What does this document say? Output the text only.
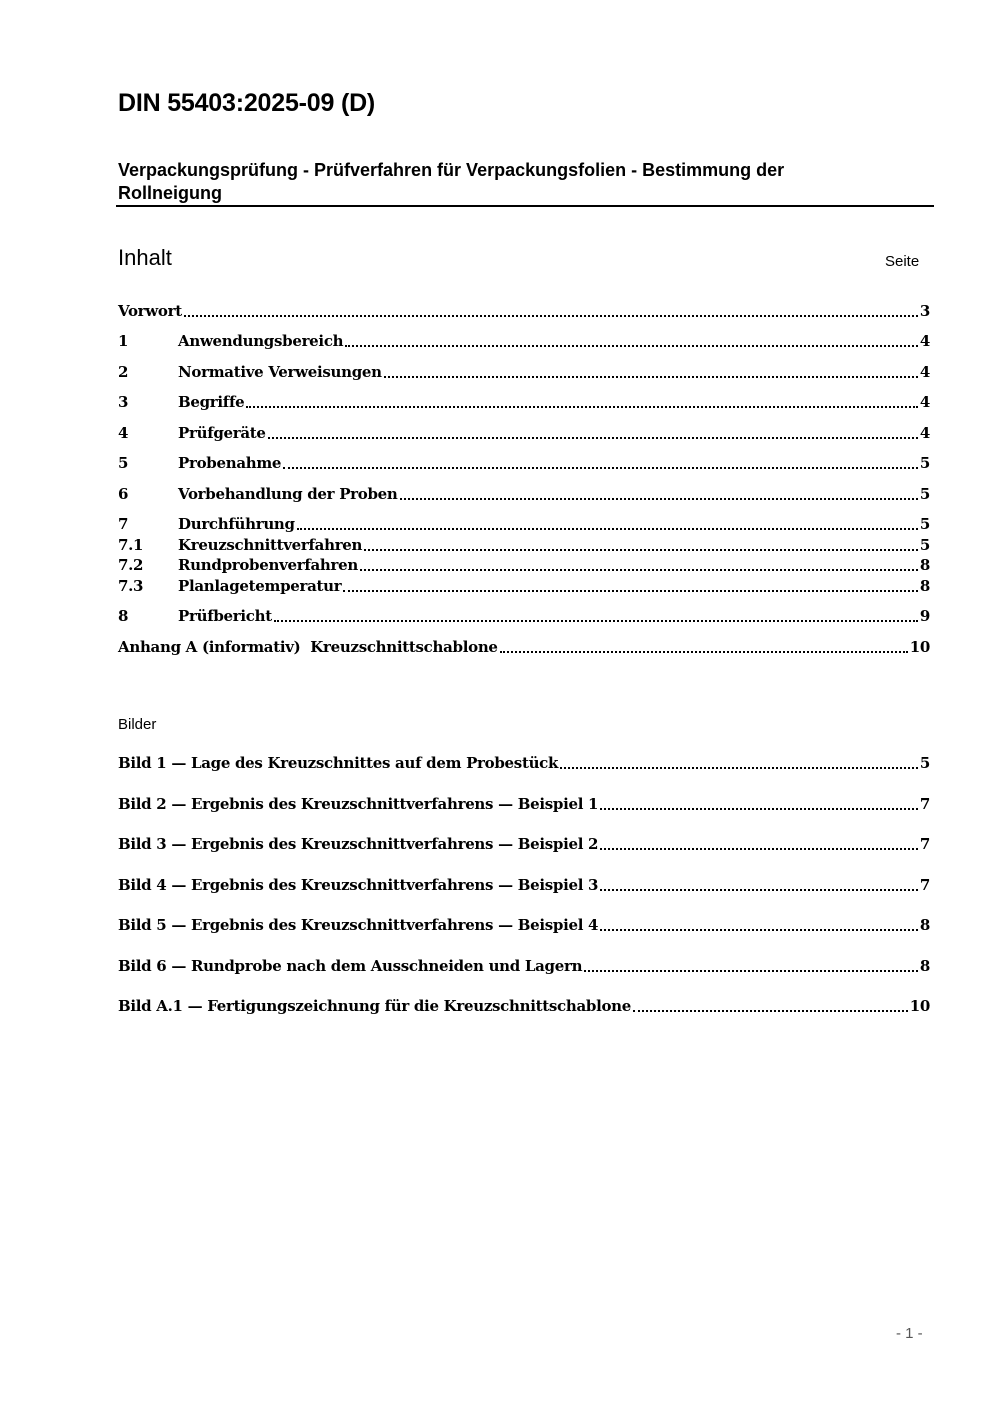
DIN 55403:2025-09 (D)
Verpackungsprüfung - Prüfverfahren für Verpackungsfolien - Bestimmung der Rollneigung
Inhalt	Seite
Vorwort	3
1	Anwendungsbereich	4
2	Normative Verweisungen	4
3	Begriffe	4
4	Prüfgeräte	4
5	Probenahme	5
6	Vorbehandlung der Proben	5
7	Durchführung	5
7.1	Kreuzschnittverfahren	5
7.2	Rundprobenverfahren	8
7.3	Planlagetemperatur	8
8	Prüfbericht	9
Anhang A (informativ)  Kreuzschnittschablone	10
Bilder
Bild 1 — Lage des Kreuzschnittes auf dem Probestück	5
Bild 2 — Ergebnis des Kreuzschnittverfahrens — Beispiel 1	7
Bild 3 — Ergebnis des Kreuzschnittverfahrens — Beispiel 2	7
Bild 4 — Ergebnis des Kreuzschnittverfahrens — Beispiel 3	7
Bild 5 — Ergebnis des Kreuzschnittverfahrens — Beispiel 4	8
Bild 6 — Rundprobe nach dem Ausschneiden und Lagern	8
Bild A.1 — Fertigungszeichnung für die Kreuzschnittschablone	10
- 1 -
